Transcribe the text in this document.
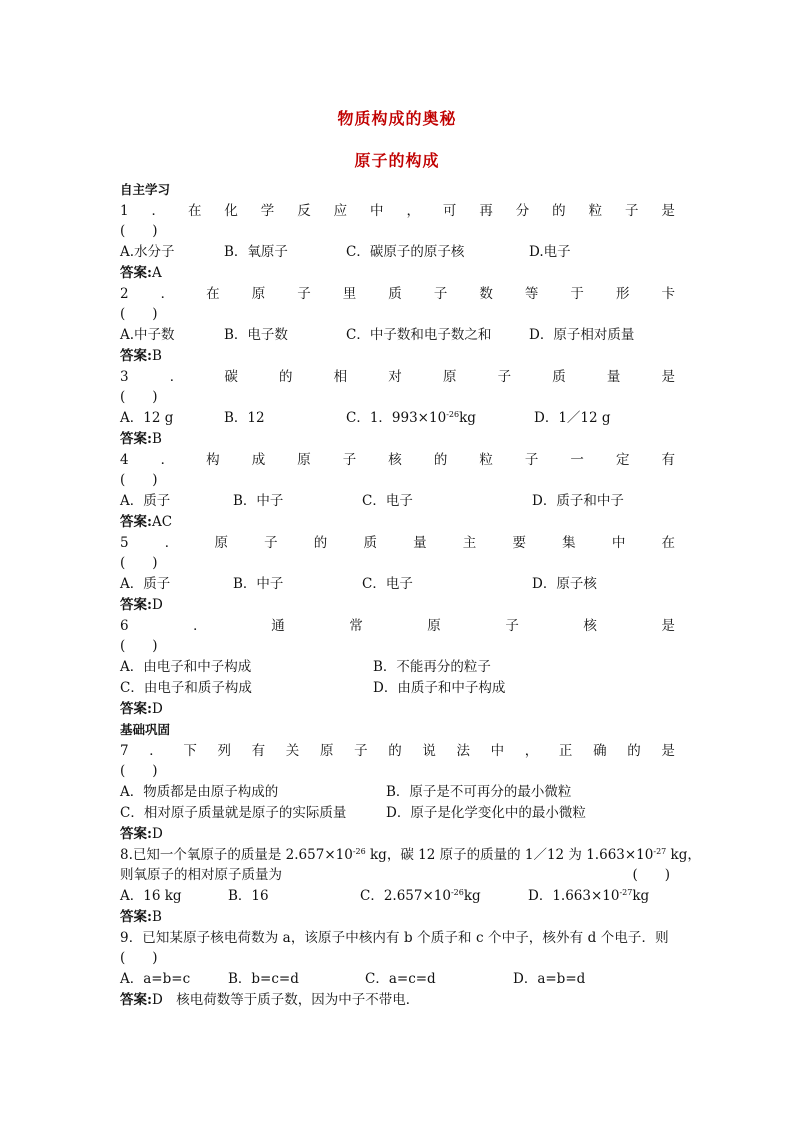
物质构成的奥秘
原子的构成
自主学习
1 ． 在 化 学 反 应 中 ， 可 再 分 的 粒 子 是
(　　)
A.水分子	B．氧原子	C．碳原子的原子核	D.电子
答案:A
2 ． 在 原 子 里 质 子 数 等 于 形 卡
(　　)
A.中子数	B．电子数	C．中子数和电子数之和	D．原子相对质量
答案:B
3	．	碳	的	相	对	原	子	质	量	是
(　　)
A．12 g	B．12	C．1．$993\times 10^{-26}kg$	D．1／12 g
答案:B
4 ． 构 成 原 子 核 的 粒 子 一 定 有
(　　)
A．质子	B．中子	C．电子	D．质子和中子
答案:AC
5	．	原	子	的	质	量	主	要	集	中	在
(　　)
A．质子	B．中子	C．电子	D．原子核
答案:D
6	．	通	常	原	子	核	是
(　　)
A．由电子和中子构成	B．不能再分的粒子
C．由电子和质子构成	D．由质子和中子构成
答案:D
基础巩固
7 ． 下 列 有 关 原 子 的 说 法 中 ， 正 确 的 是
(　　)
A．物质都是由原子构成的	B．原子是不可再分的最小微粒
C．相对原子质量就是原子的实际质量	D．原子是化学变化中的最小微粒
答案:D
8.已知一个氧原子的质量是 $2.657\times 10^{-26}$ kg，碳 12 原子的质量的 1／12 为 $1.663\times 10^{-27}$ kg，
则氧原子的相对原子质量为	(　　)
A．16 kg	B．16	C．$2.657\times 10^{-26}kg$	D．$1.663\times 10^{-27}kg$
答案:B
9．已知某原子核电荷数为 a，该原子中核内有 b 个质子和 c 个中子，核外有 d 个电子．则
(　　)
A．a=b=c	B．b=c=d	C．a=c=d	D．a=b=d
答案:D　核电荷数等于质子数，因为中子不带电．
